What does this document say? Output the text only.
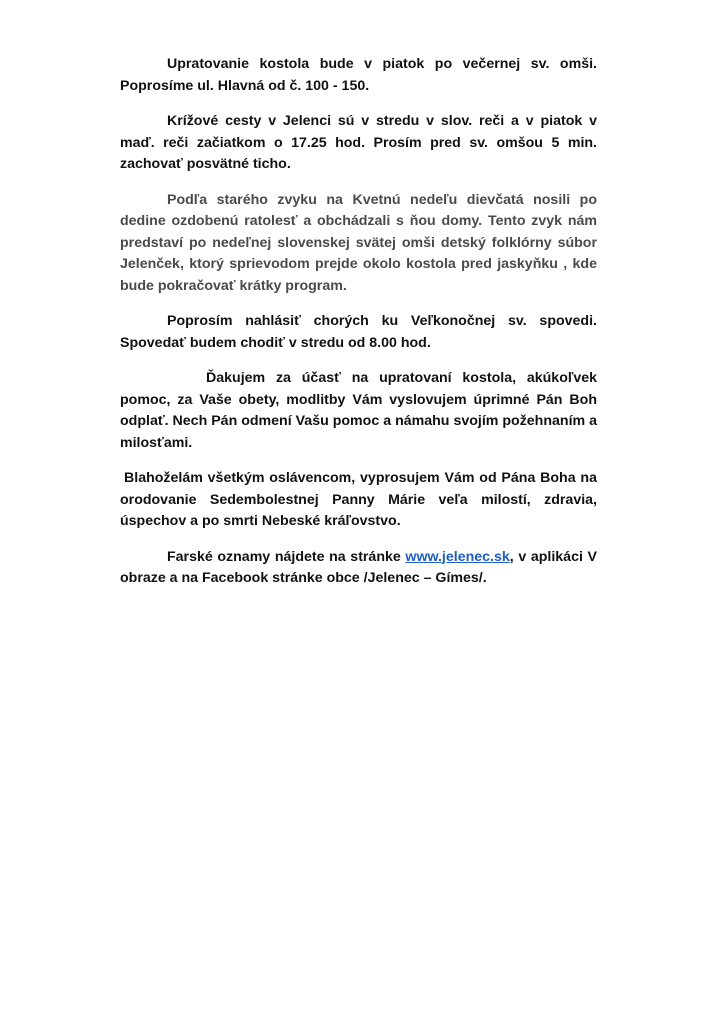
Upratovanie kostola bude v piatok po večernej sv. omši. Poprosíme ul. Hlavná od č. 100 - 150.

Krížové cesty v Jelenci sú v stredu v slov. reči a v piatok v maď. reči začiatkom o 17.25 hod. Prosím pred sv. omšou 5 min. zachovať posvätné ticho.

Podľa starého zvyku na Kvetnú nedeľu dievčatá nosili po dedine ozdobenú ratolesť a obchádzali s ňou domy. Tento zvyk nám predstaví po nedeľnej slovenskej svätej omši detský folklórny súbor Jelenček, ktorý sprievodom prejde okolo kostola pred jaskyňku , kde bude pokračovať krátky program.

Poprosím nahlásiť chorých ku Veľkonočnej sv. spovedi. Spovedať budem chodiť v stredu od 8.00 hod.

Ďakujem za účasť na upratovaní kostola, akúkoľvek pomoc, za Vaše obety, modlitby Vám vyslovujem úprimné Pán Boh odplať. Nech Pán odmení Vašu pomoc a námahu svojím požehnaním a milosťami.

Blahoželám všetkým oslávencom, vyprosujem Vám od Pána Boha na orodovanie Sedembolestnej Panny Márie veľa milostí, zdravia, úspechov a po smrti Nebeské kráľovstvo.

Farské oznamy nájdete na stránke www.jelenec.sk, v aplikáci V obraze a na Facebook stránke obce /Jelenec – Gímes/.
